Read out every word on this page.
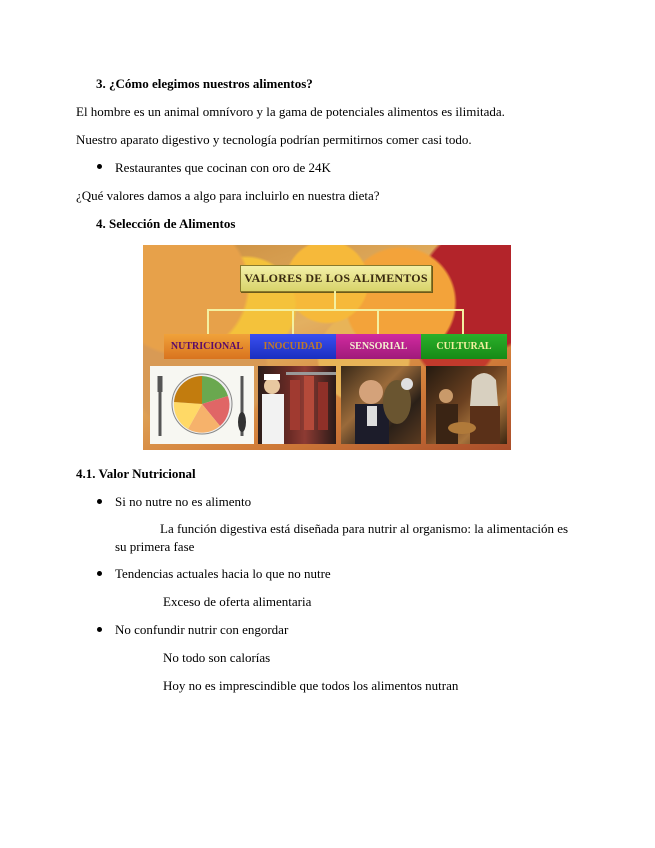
3. ¿Cómo elegimos nuestros alimentos?
El hombre es un animal omnívoro y la gama de potenciales alimentos es ilimitada.
Nuestro aparato digestivo y tecnología podrían permitirnos comer casi todo.
Restaurantes que cocinan con oro de 24K
¿Qué valores damos a algo para incluirlo en nuestra dieta?
4. Selección de Alimentos
VALORES DE LOS ALIMENTOS
NUTRICIONAL	INOCUIDAD	SENSORIAL	CULTURAL
4.1. Valor Nutricional
Si no nutre no es alimento
La función digestiva está diseñada para nutrir al organismo: la alimentación es
su primera fase
Tendencias actuales hacia lo que no nutre
Exceso de oferta alimentaria
No confundir nutrir con engordar
No todo son calorías
Hoy no es imprescindible que todos los alimentos nutran
